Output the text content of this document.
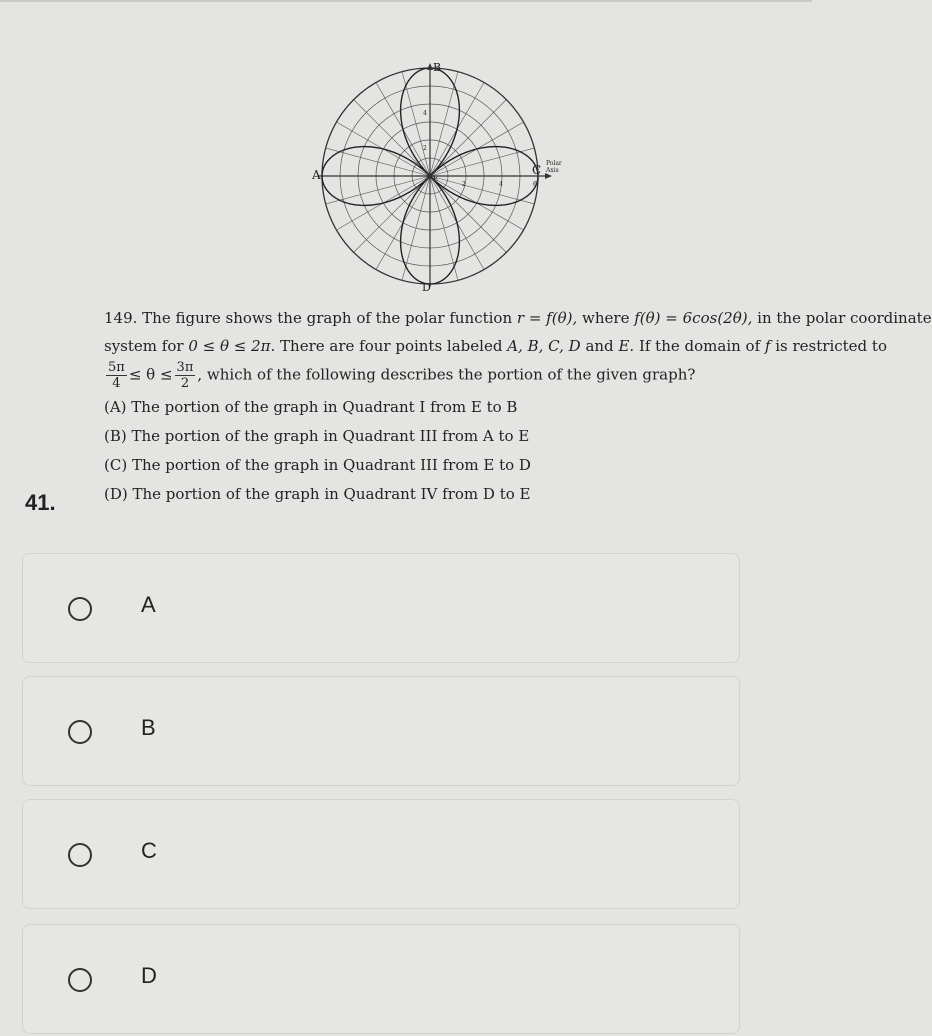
B
A	C
D
E
Polar
Axis
2	4	6
2
4
149. The figure shows the graph of the polar function r = f(θ), where f(θ) = 6cos(2θ), in the polar coordinate
system for 0 ≤ θ ≤ 2π. There are four points labeled A, B, C, D and E. If the domain of f is restricted to
$\frac{5\pi}{4} \le \theta \le \frac{3\pi}{2}$ , which of the following describes the portion of the given graph?
(A) The portion of the graph in Quadrant I from E to B
(B) The portion of the graph in Quadrant III from A to E
(C) The portion of the graph in Quadrant III from E to D
(D) The portion of the graph in Quadrant IV from D to E
41.
A
B
C
D
